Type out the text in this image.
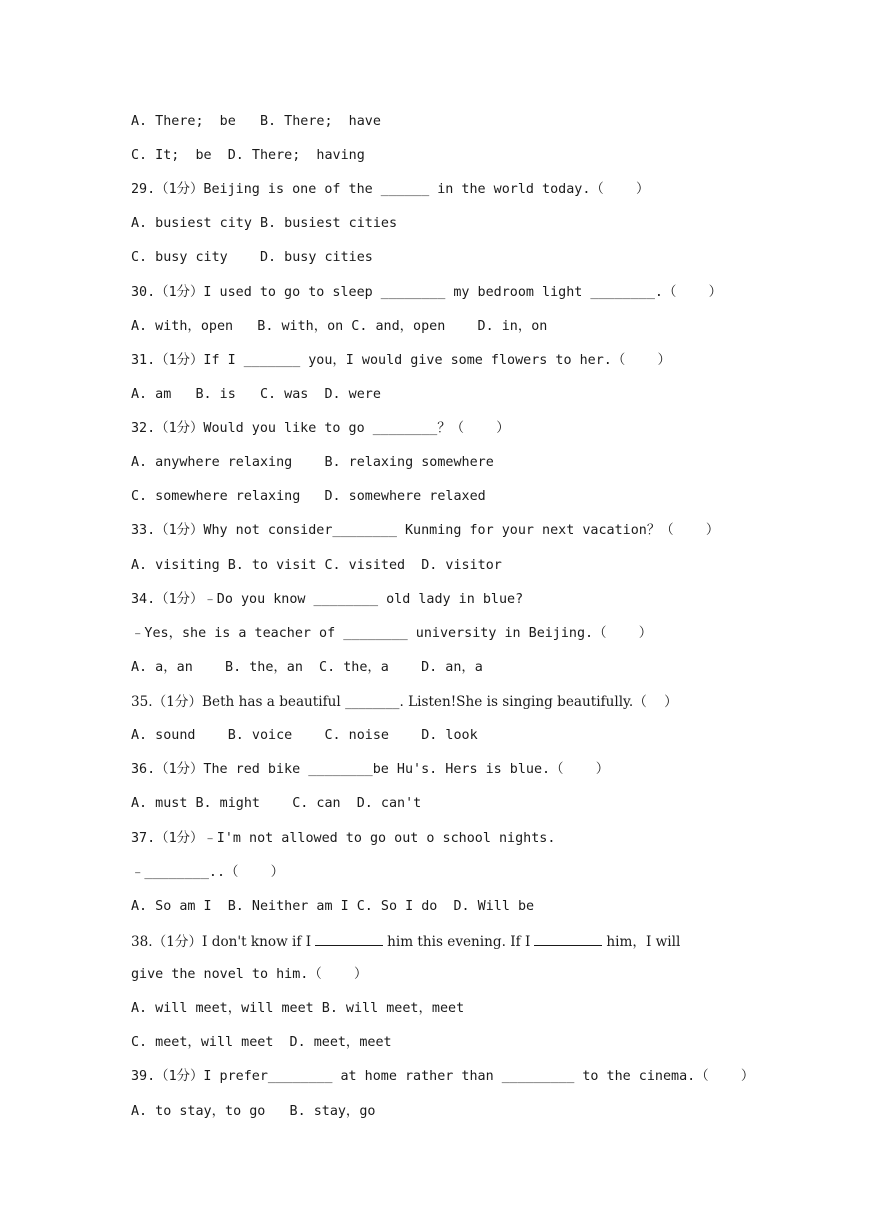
A. There;  be   B. There;  have
C. It;  be  D. There;  having
29.（1分）Beijing is one of the ______ in the world today.（    ）
A. busiest city B. busiest cities
C. busy city    D. busy cities
30.（1分）I used to go to sleep ________ my bedroom light ________.（    ）
A. with，open   B. with，on C. and，open    D. in，on
31.（1分）If I _______ you，I would give some flowers to her.（    ）
A. am   B. is   C. was  D. were
32.（1分）Would you like to go ________？（    ）
A. anywhere relaxing    B. relaxing somewhere
C. somewhere relaxing   D. somewhere relaxed
33.（1分）Why not consider________ Kunming for your next vacation？（    ）
A. visiting B. to visit C. visited  D. visitor
34.（1分）﹣Do you know ________ old lady in blue?
﹣Yes，she is a teacher of ________ university in Beijing.（    ）
A. a，an    B. the，an  C. the，a    D. an，a
35.（1分）Beth has a beautiful ________. Listen!She is singing beautifully.（    ）
A. sound    B. voice    C. noise    D. look
36.（1分）The red bike ________be Hu's. Hers is blue.（    ）
A. must B. might    C. can  D. can't
37.（1分）﹣I'm not allowed to go out o school nights.
﹣________..（    ）
A. So am I  B. Neither am I C. So I do  D. Will be
38.（1分）I don't know if I	him this evening. If I	him，I will
give the novel to him.（    ）
A. will meet，will meet B. will meet，meet
C. meet，will meet  D. meet，meet
39.（1分）I prefer________ at home rather than _________ to the cinema.（    ）
A. to stay，to go   B. stay，go
